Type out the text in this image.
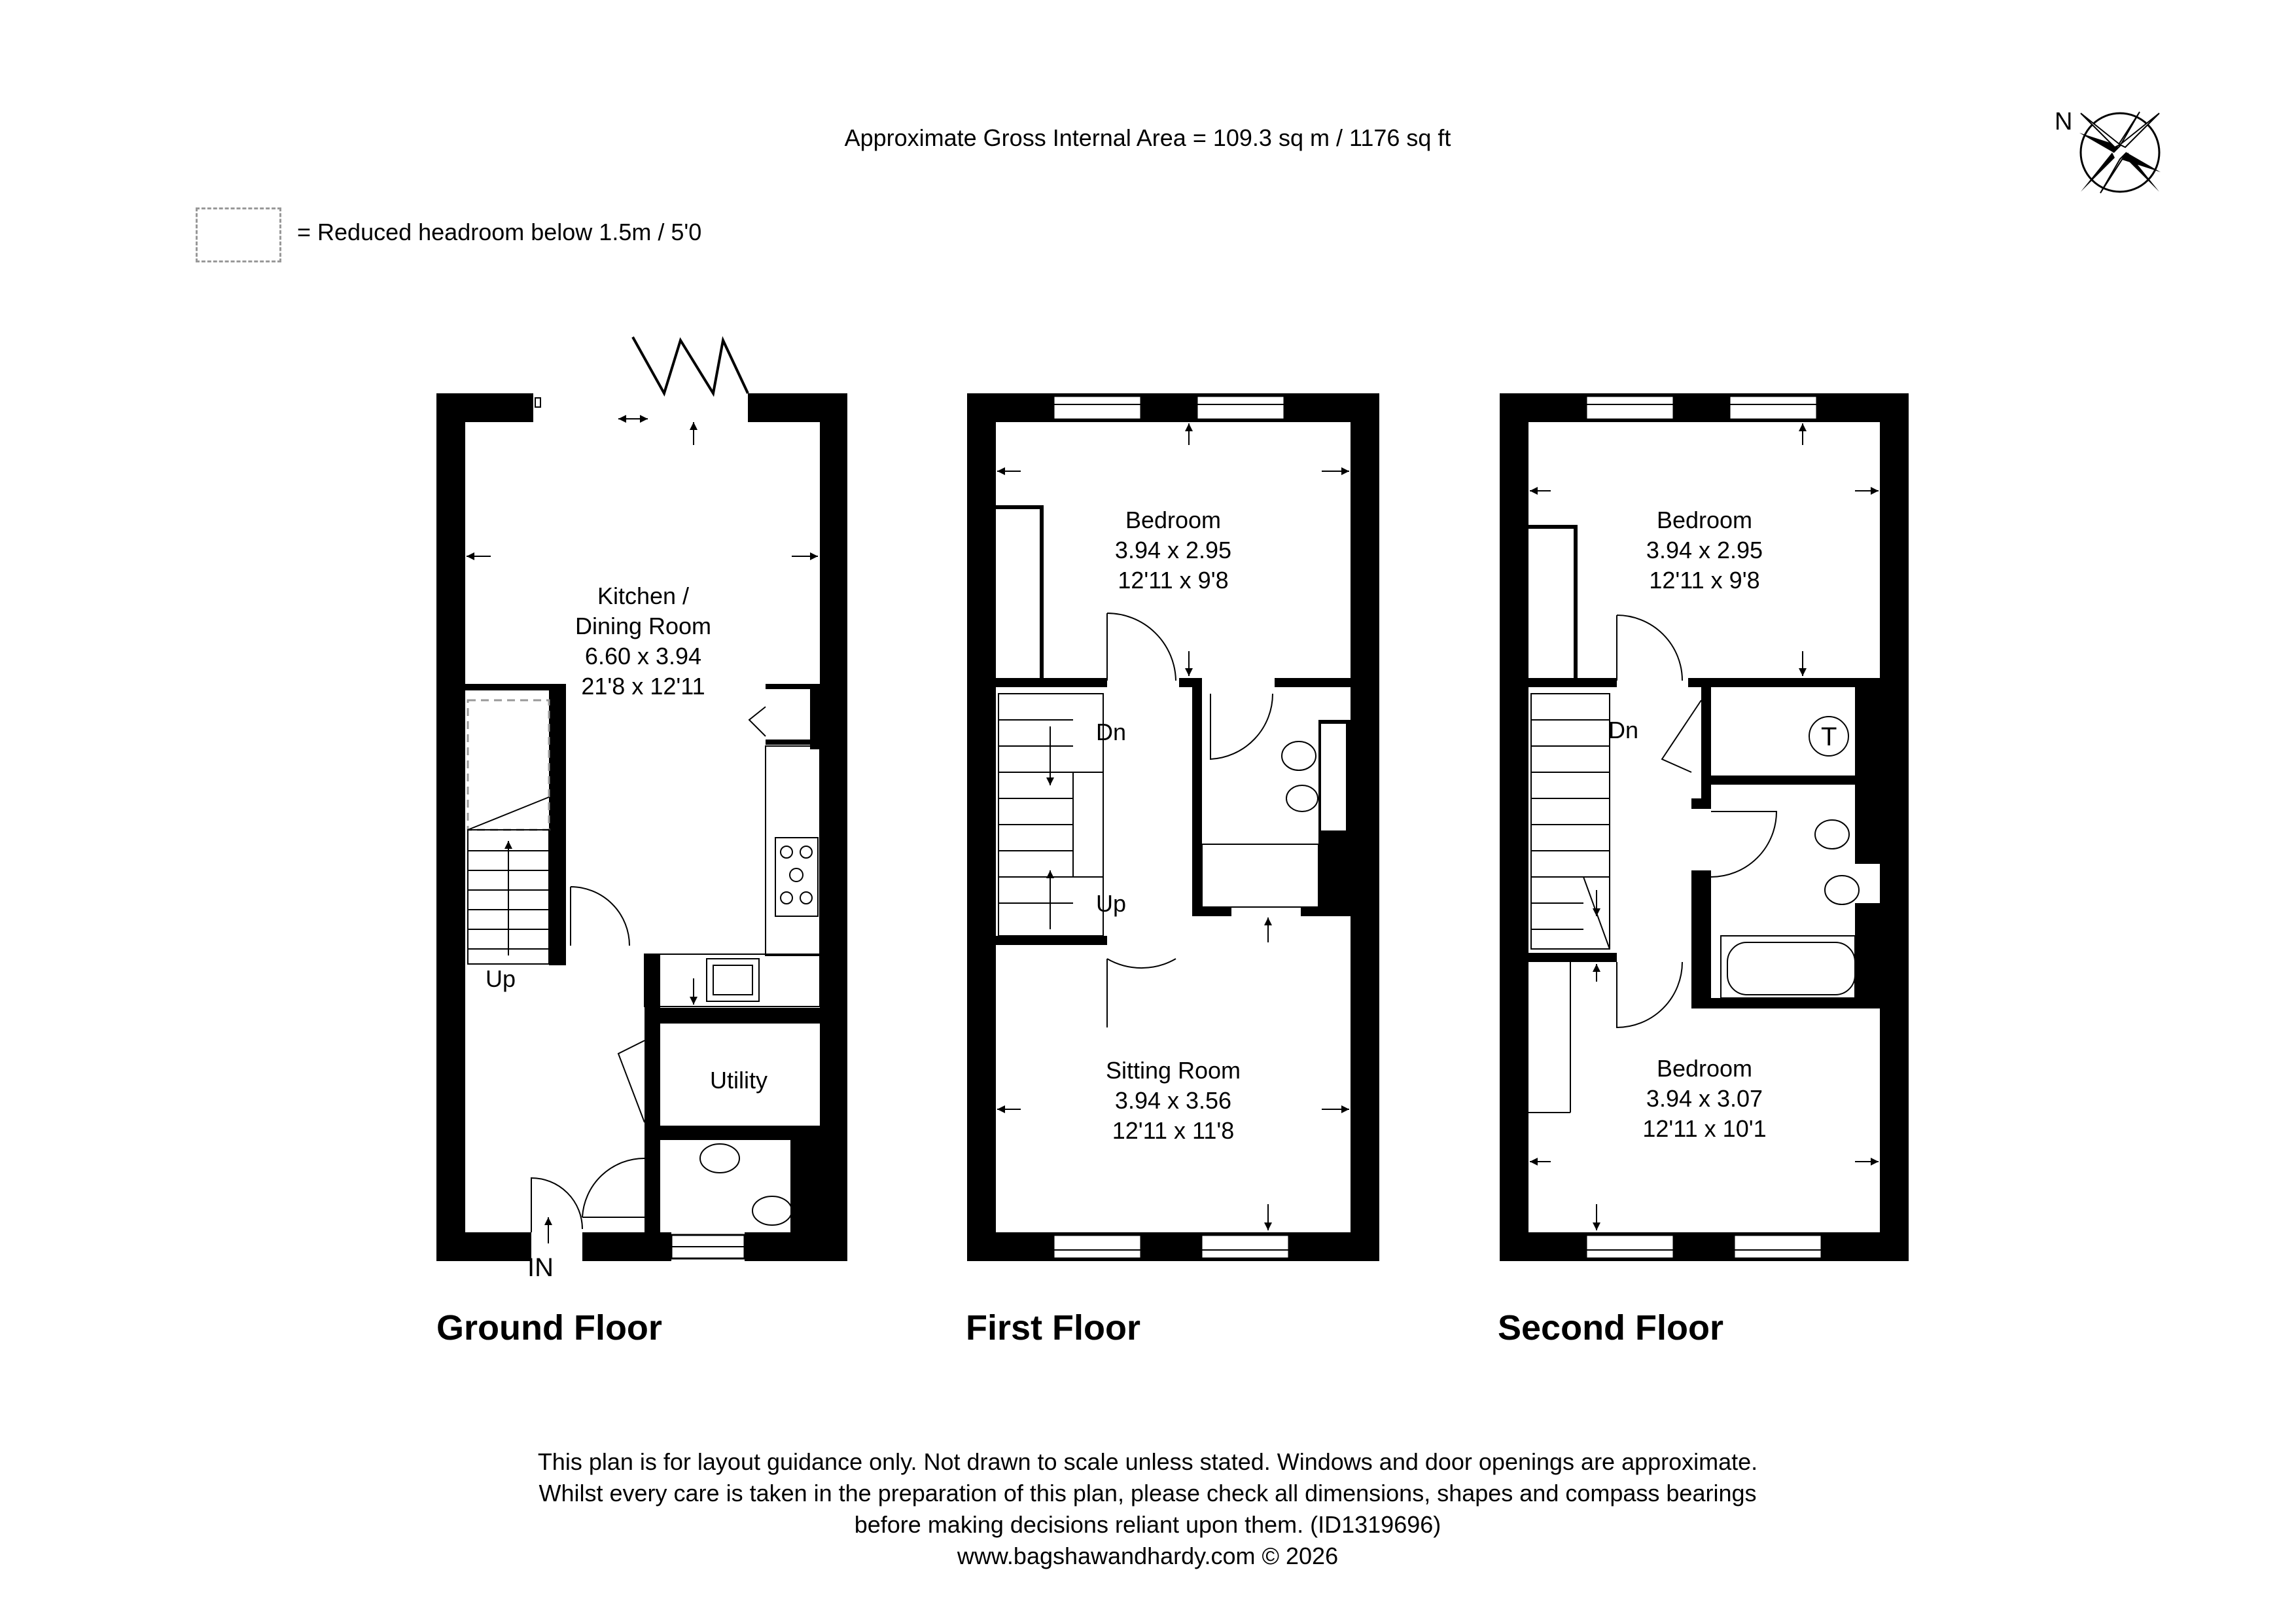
Approximate Gross Internal Area = 109.3 sq m / 1176 sq ft
N
= Reduced headroom below 1.5m / 5'0
Kitchen /
Dining Room
6.60 x 3.94
21'8 x 12'11
Utility
Up
IN
Ground Floor
Bedroom
3.94 x 2.95
12'11 x 9'8
Sitting Room
3.94 x 3.56
12'11 x 11'8
Dn
Up
First Floor
Bedroom
3.94 x 2.95
12'11 x 9'8
Bedroom
3.94 x 3.07
12'11 x 10'1
Dn	T
Second Floor
This plan is for layout guidance only. Not drawn to scale unless stated. Windows and door openings are approximate.
Whilst every care is taken in the preparation of this plan, please check all dimensions, shapes and compass bearings
before making decisions reliant upon them. (ID1319696)
www.bagshawandhardy.com © 2026
